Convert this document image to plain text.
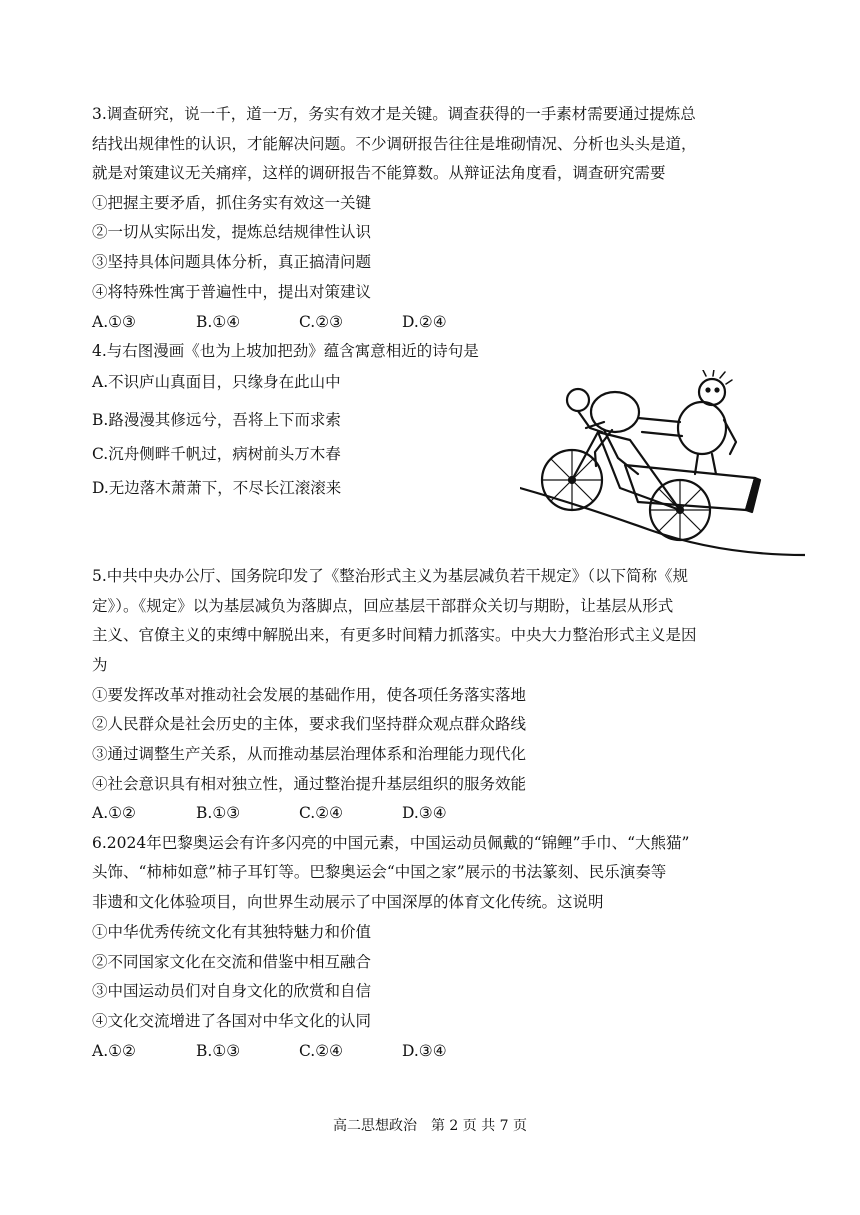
3.调查研究，说一千，道一万，务实有效才是关键。调查获得的一手素材需要通过提炼总
结找出规律性的认识，才能解决问题。不少调研报告往往是堆砌情况、分析也头头是道，
就是对策建议无关痛痒，这样的调研报告不能算数。从辩证法角度看，调查研究需要
①把握主要矛盾，抓住务实有效这一关键
②一切从实际出发，提炼总结规律性认识
③坚持具体问题具体分析，真正搞清问题
④将特殊性寓于普遍性中，提出对策建议
A.①③	B.①④	C.②③	D.②④
4.与右图漫画《也为上坡加把劲》蕴含寓意相近的诗句是
A.不识庐山真面目，只缘身在此山中
B.路漫漫其修远兮，吾将上下而求索
C.沉舟侧畔千帆过，病树前头万木春
D.无边落木萧萧下，不尽长江滚滚来
5.中共中央办公厅、国务院印发了《整治形式主义为基层减负若干规定》（以下简称《规
定》）。《规定》以为基层减负为落脚点，回应基层干部群众关切与期盼，让基层从形式
主义、官僚主义的束缚中解脱出来，有更多时间精力抓落实。中央大力整治形式主义是因
为
①要发挥改革对推动社会发展的基础作用，使各项任务落实落地
②人民群众是社会历史的主体，要求我们坚持群众观点群众路线
③通过调整生产关系，从而推动基层治理体系和治理能力现代化
④社会意识具有相对独立性，通过整治提升基层组织的服务效能
A.①②	B.①③	C.②④	D.③④
6.2024年巴黎奥运会有许多闪亮的中国元素，中国运动员佩戴的“锦鲤”手巾、“大熊猫”
头饰、“柿柿如意”柿子耳钉等。巴黎奥运会“中国之家”展示的书法篆刻、民乐演奏等
非遗和文化体验项目，向世界生动展示了中国深厚的体育文化传统。这说明
①中华优秀传统文化有其独特魅力和价值
②不同国家文化在交流和借鉴中相互融合
③中国运动员们对自身文化的欣赏和自信
④文化交流增进了各国对中华文化的认同
A.①②	B.①③	C.②④	D.③④
高二思想政治　第 2 页 共 7 页
